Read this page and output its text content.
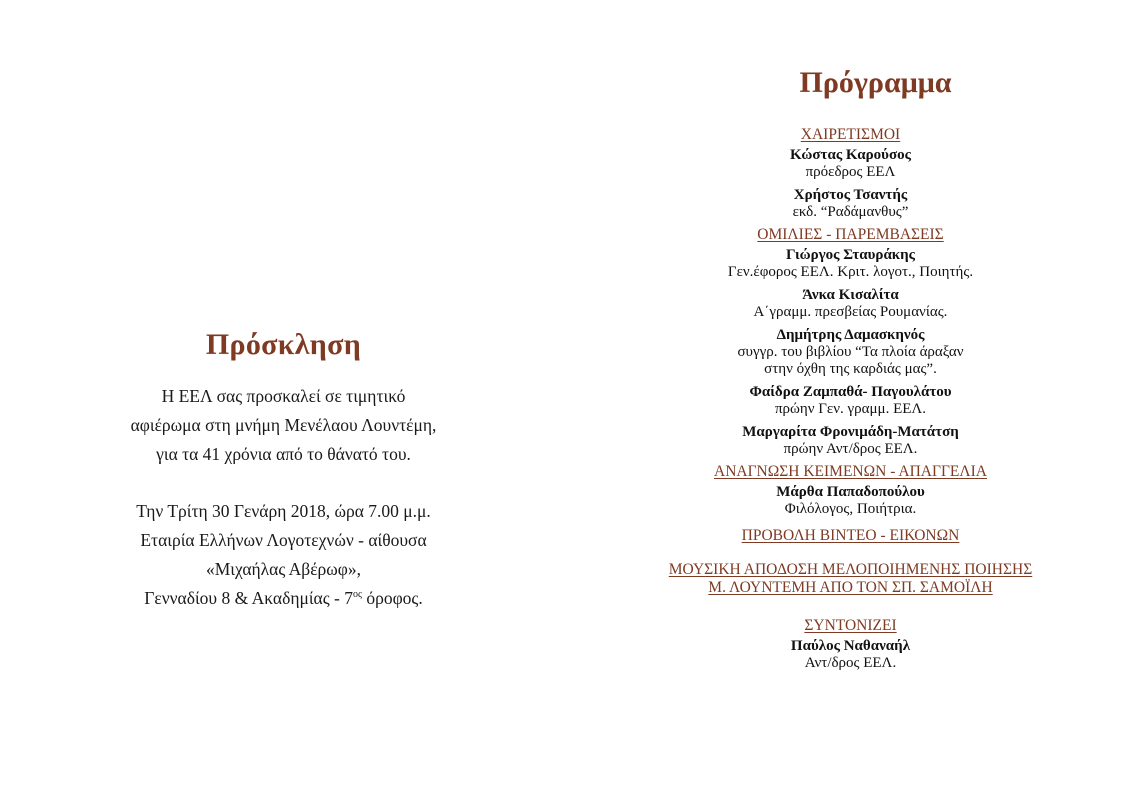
Πρόσκληση
Η ΕΕΛ σας προσκαλεί σε τιμητικό
αφιέρωμα στη μνήμη Μενέλαου Λουντέμη,
για τα 41 χρόνια από το θάνατό του.
Την Τρίτη 30 Γενάρη 2018, ώρα 7.00 μ.μ.
Εταιρία Ελλήνων Λογοτεχνών - αίθουσα
«Μιχαήλας Αβέρωφ»,
Γενναδίου 8 & Ακαδημίας - $7^{o\varsigma}$ όροφος.
Πρόγραμμα
ΧΑΙΡΕΤΙΣΜΟΙ
Κώστας Καρούσος
πρόεδρος ΕΕΛ
Χρήστος Τσαντής
εκδ. “Ραδάμανθυς”
ΟΜΙΛΙΕΣ - ΠΑΡΕΜΒΑΣΕΙΣ
Γιώργος Σταυράκης
Γεν.έφορος ΕΕΛ. Κριτ. λογοτ., Ποιητής.
Άνκα Κισαλίτα
Α΄γραμμ. πρεσβείας Ρουμανίας.
Δημήτρης Δαμασκηνός
συγγρ. του βιβλίου “Τα πλοία άραξαν
στην όχθη της καρδιάς μας”.
Φαίδρα Ζαμπαθά- Παγουλάτου
πρώην Γεν. γραμμ. ΕΕΛ.
Μαργαρίτα Φρονιμάδη-Ματάτση
πρώην Αντ/δρος ΕΕΛ.
ΑΝΑΓΝΩΣΗ ΚΕΙΜΕΝΩΝ - ΑΠΑΓΓΕΛΙΑ
Μάρθα Παπαδοπούλου
Φιλόλογος, Ποιήτρια.
ΠΡΟΒΟΛΗ ΒΙΝΤΕΟ - ΕΙΚΟΝΩΝ
ΜΟΥΣΙΚΗ ΑΠΟΔΟΣΗ ΜΕΛΟΠΟΙΗΜΕΝΗΣ ΠΟΙΗΣΗΣ
Μ. ΛΟΥΝΤΕΜΗ ΑΠΟ ΤΟΝ ΣΠ. ΣΑΜΟΪΛΗ
ΣΥΝΤΟΝΙΖΕΙ
Παύλος Ναθαναήλ
Αντ/δρος ΕΕΛ.
